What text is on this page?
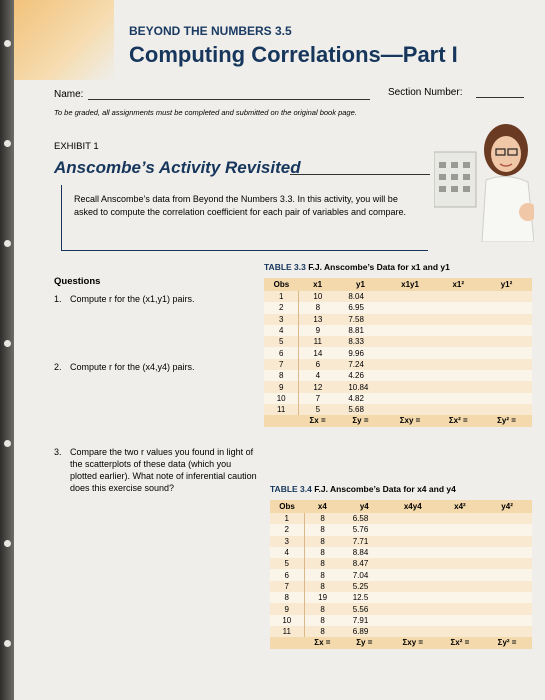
BEYOND THE NUMBERS 3.5
Computing Correlations—Part I
Name:	Section Number:
To be graded, all assignments must be completed and submitted on the original book page.
EXHIBIT 1
Anscombe’s Activity Revisited
Recall Anscombe’s data from Beyond the Numbers 3.3. In this activity, you will be asked to compute the correlation coefficient for each pair of variables and compare.
Questions
1. Compute r for the (x1,y1) pairs.
2. Compute r for the (x4,y4) pairs.
3. Compare the two r values you found in light of the scatterplots of these data (which you plotted earlier). What note of inferential caution does this exercise sound?
TABLE 3.3 F.J. Anscombe’s Data for x1 and y1
Obs	x1	y1	x1y1	x1²	y1²
1	10	8.04			
2	8	6.95			
3	13	7.58			
4	9	8.81			
5	11	8.33			
6	14	9.96			
7	6	7.24			
8	4	4.26			
9	12	10.84			
10	7	4.82			
11	5	5.68			
	Σx =	Σy =	Σxy =	Σx² =	Σy² =
TABLE 3.4 F.J. Anscombe’s Data for x4 and y4
Obs	x4	y4	x4y4	x4²	y4²
1	8	6.58			
2	8	5.76			
3	8	7.71			
4	8	8.84			
5	8	8.47			
6	8	7.04			
7	8	5.25			
8	19	12.5			
9	8	5.56			
10	8	7.91			
11	8	6.89			
	Σx =	Σy =	Σxy =	Σx² =	Σy² =
